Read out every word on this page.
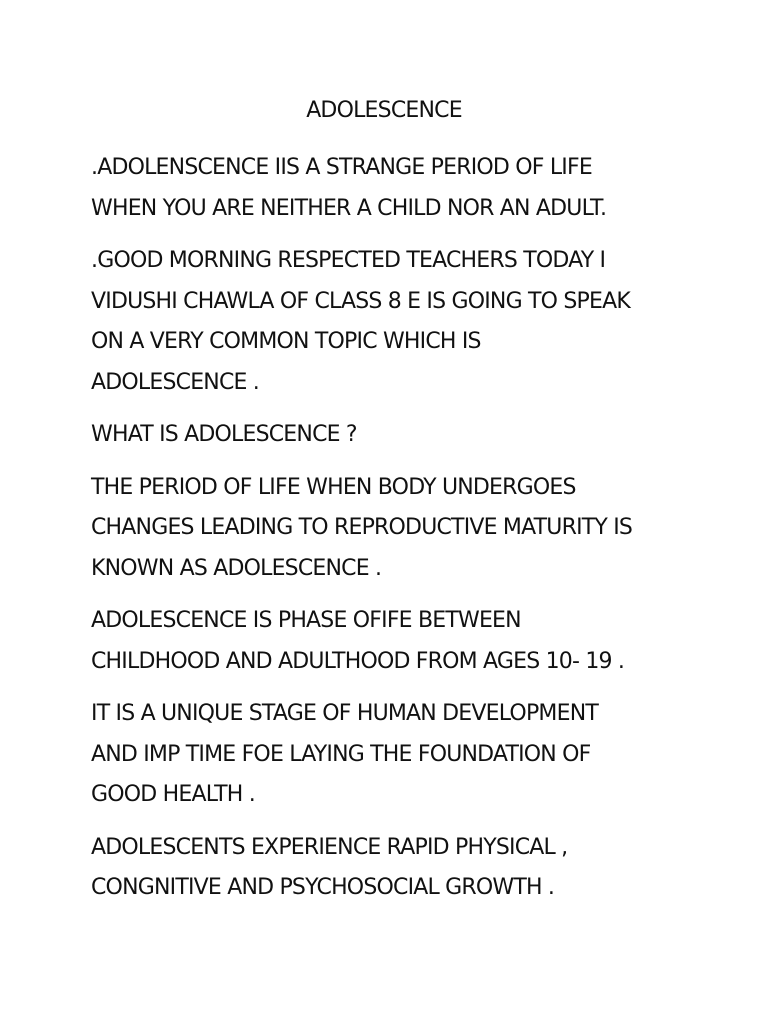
ADOLESCENCE

.ADOLENSCENCE IIS A STRANGE PERIOD OF LIFE
WHEN YOU ARE NEITHER A CHILD NOR AN ADULT.

.GOOD MORNING RESPECTED TEACHERS TODAY I
VIDUSHI CHAWLA OF CLASS 8 E IS GOING TO SPEAK
ON A VERY COMMON TOPIC WHICH IS
ADOLESCENCE .

WHAT IS ADOLESCENCE ?

THE PERIOD OF LIFE WHEN BODY UNDERGOES
CHANGES LEADING TO REPRODUCTIVE MATURITY IS
KNOWN AS ADOLESCENCE .

ADOLESCENCE IS PHASE OFIFE BETWEEN
CHILDHOOD AND ADULTHOOD FROM AGES 10- 19 .

IT IS A UNIQUE STAGE OF HUMAN DEVELOPMENT
AND IMP TIME FOE LAYING THE FOUNDATION OF
GOOD HEALTH .

ADOLESCENTS EXPERIENCE RAPID PHYSICAL ,
CONGNITIVE AND PSYCHOSOCIAL GROWTH .
